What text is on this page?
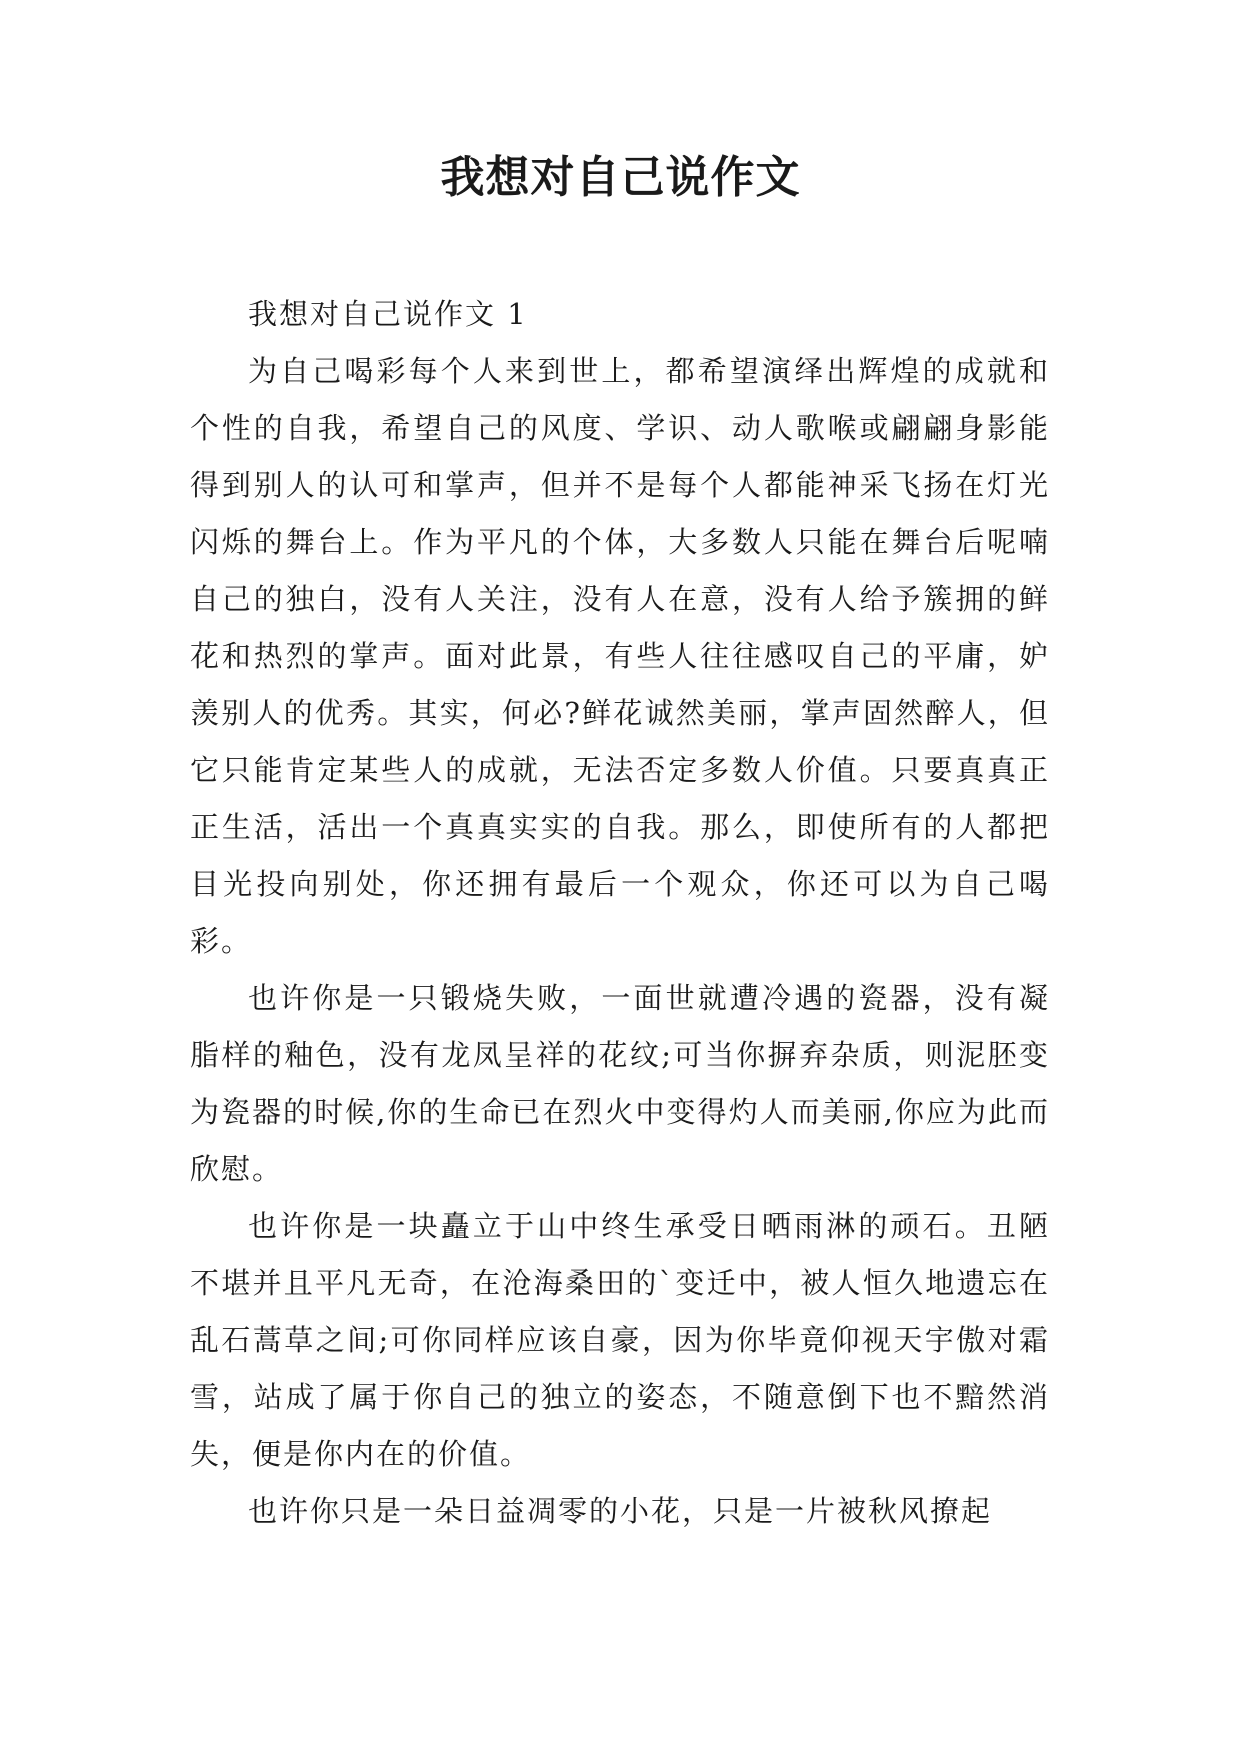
我想对自己说作文

我想对自己说作文 1

为自己喝彩每个人来到世上，都希望演绎出辉煌的成就和个性的自我，希望自己的风度、学识、动人歌喉或翩翩身影能得到别人的认可和掌声，但并不是每个人都能神采飞扬在灯光闪烁的舞台上。作为平凡的个体，大多数人只能在舞台后呢喃自己的独白，没有人关注，没有人在意，没有人给予簇拥的鲜花和热烈的掌声。面对此景，有些人往往感叹自己的平庸，妒羡别人的优秀。其实，何必?鲜花诚然美丽，掌声固然醉人，但它只能肯定某些人的成就，无法否定多数人价值。只要真真正正生活，活出一个真真实实的自我。那么，即使所有的人都把目光投向别处，你还拥有最后一个观众，你还可以为自己喝彩。

也许你是一只锻烧失败，一面世就遭冷遇的瓷器，没有凝脂样的釉色，没有龙凤呈祥的花纹;可当你摒弃杂质，则泥胚变为瓷器的时候,你的生命已在烈火中变得灼人而美丽,你应为此而欣慰。

也许你是一块矗立于山中终生承受日晒雨淋的顽石。丑陋不堪并且平凡无奇，在沧海桑田的`变迁中，被人恒久地遗忘在乱石蒿草之间;可你同样应该自豪，因为你毕竟仰视天宇傲对霜雪，站成了属于你自己的独立的姿态，不随意倒下也不黯然消失，便是你内在的价值。

也许你只是一朵日益凋零的小花，只是一片被秋风撩起
